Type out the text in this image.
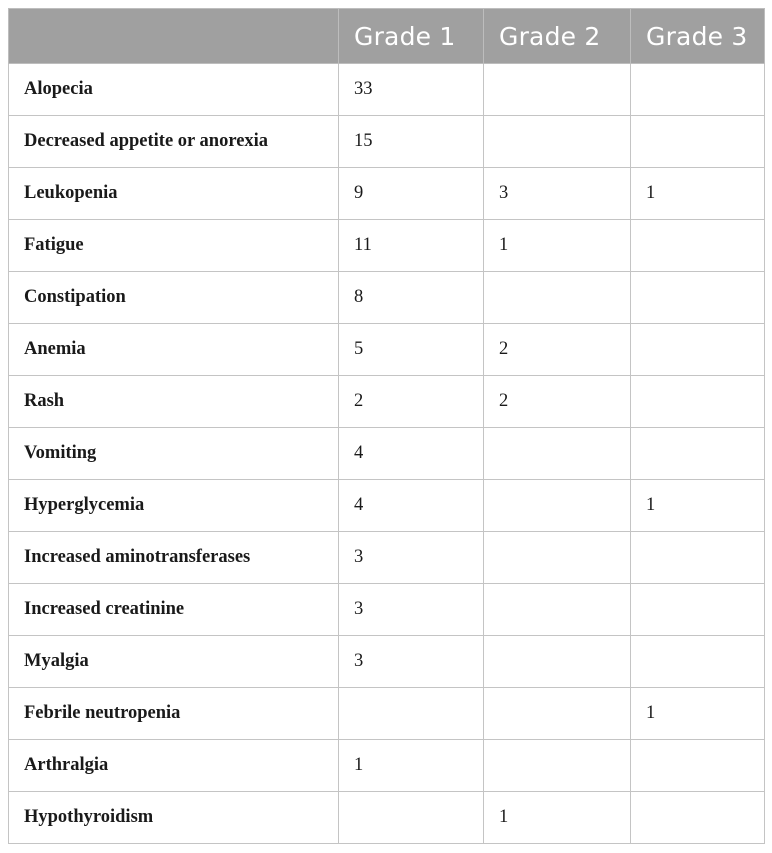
	Grade 1	Grade 2	Grade 3
Alopecia	33		
Decreased appetite or anorexia	15		
Leukopenia	9	3	1
Fatigue	11	1	
Constipation	8		
Anemia	5	2	
Rash	2	2	
Vomiting	4		
Hyperglycemia	4		1
Increased aminotransferases	3		
Increased creatinine	3		
Myalgia	3		
Febrile neutropenia			1
Arthralgia	1		
Hypothyroidism		1	
